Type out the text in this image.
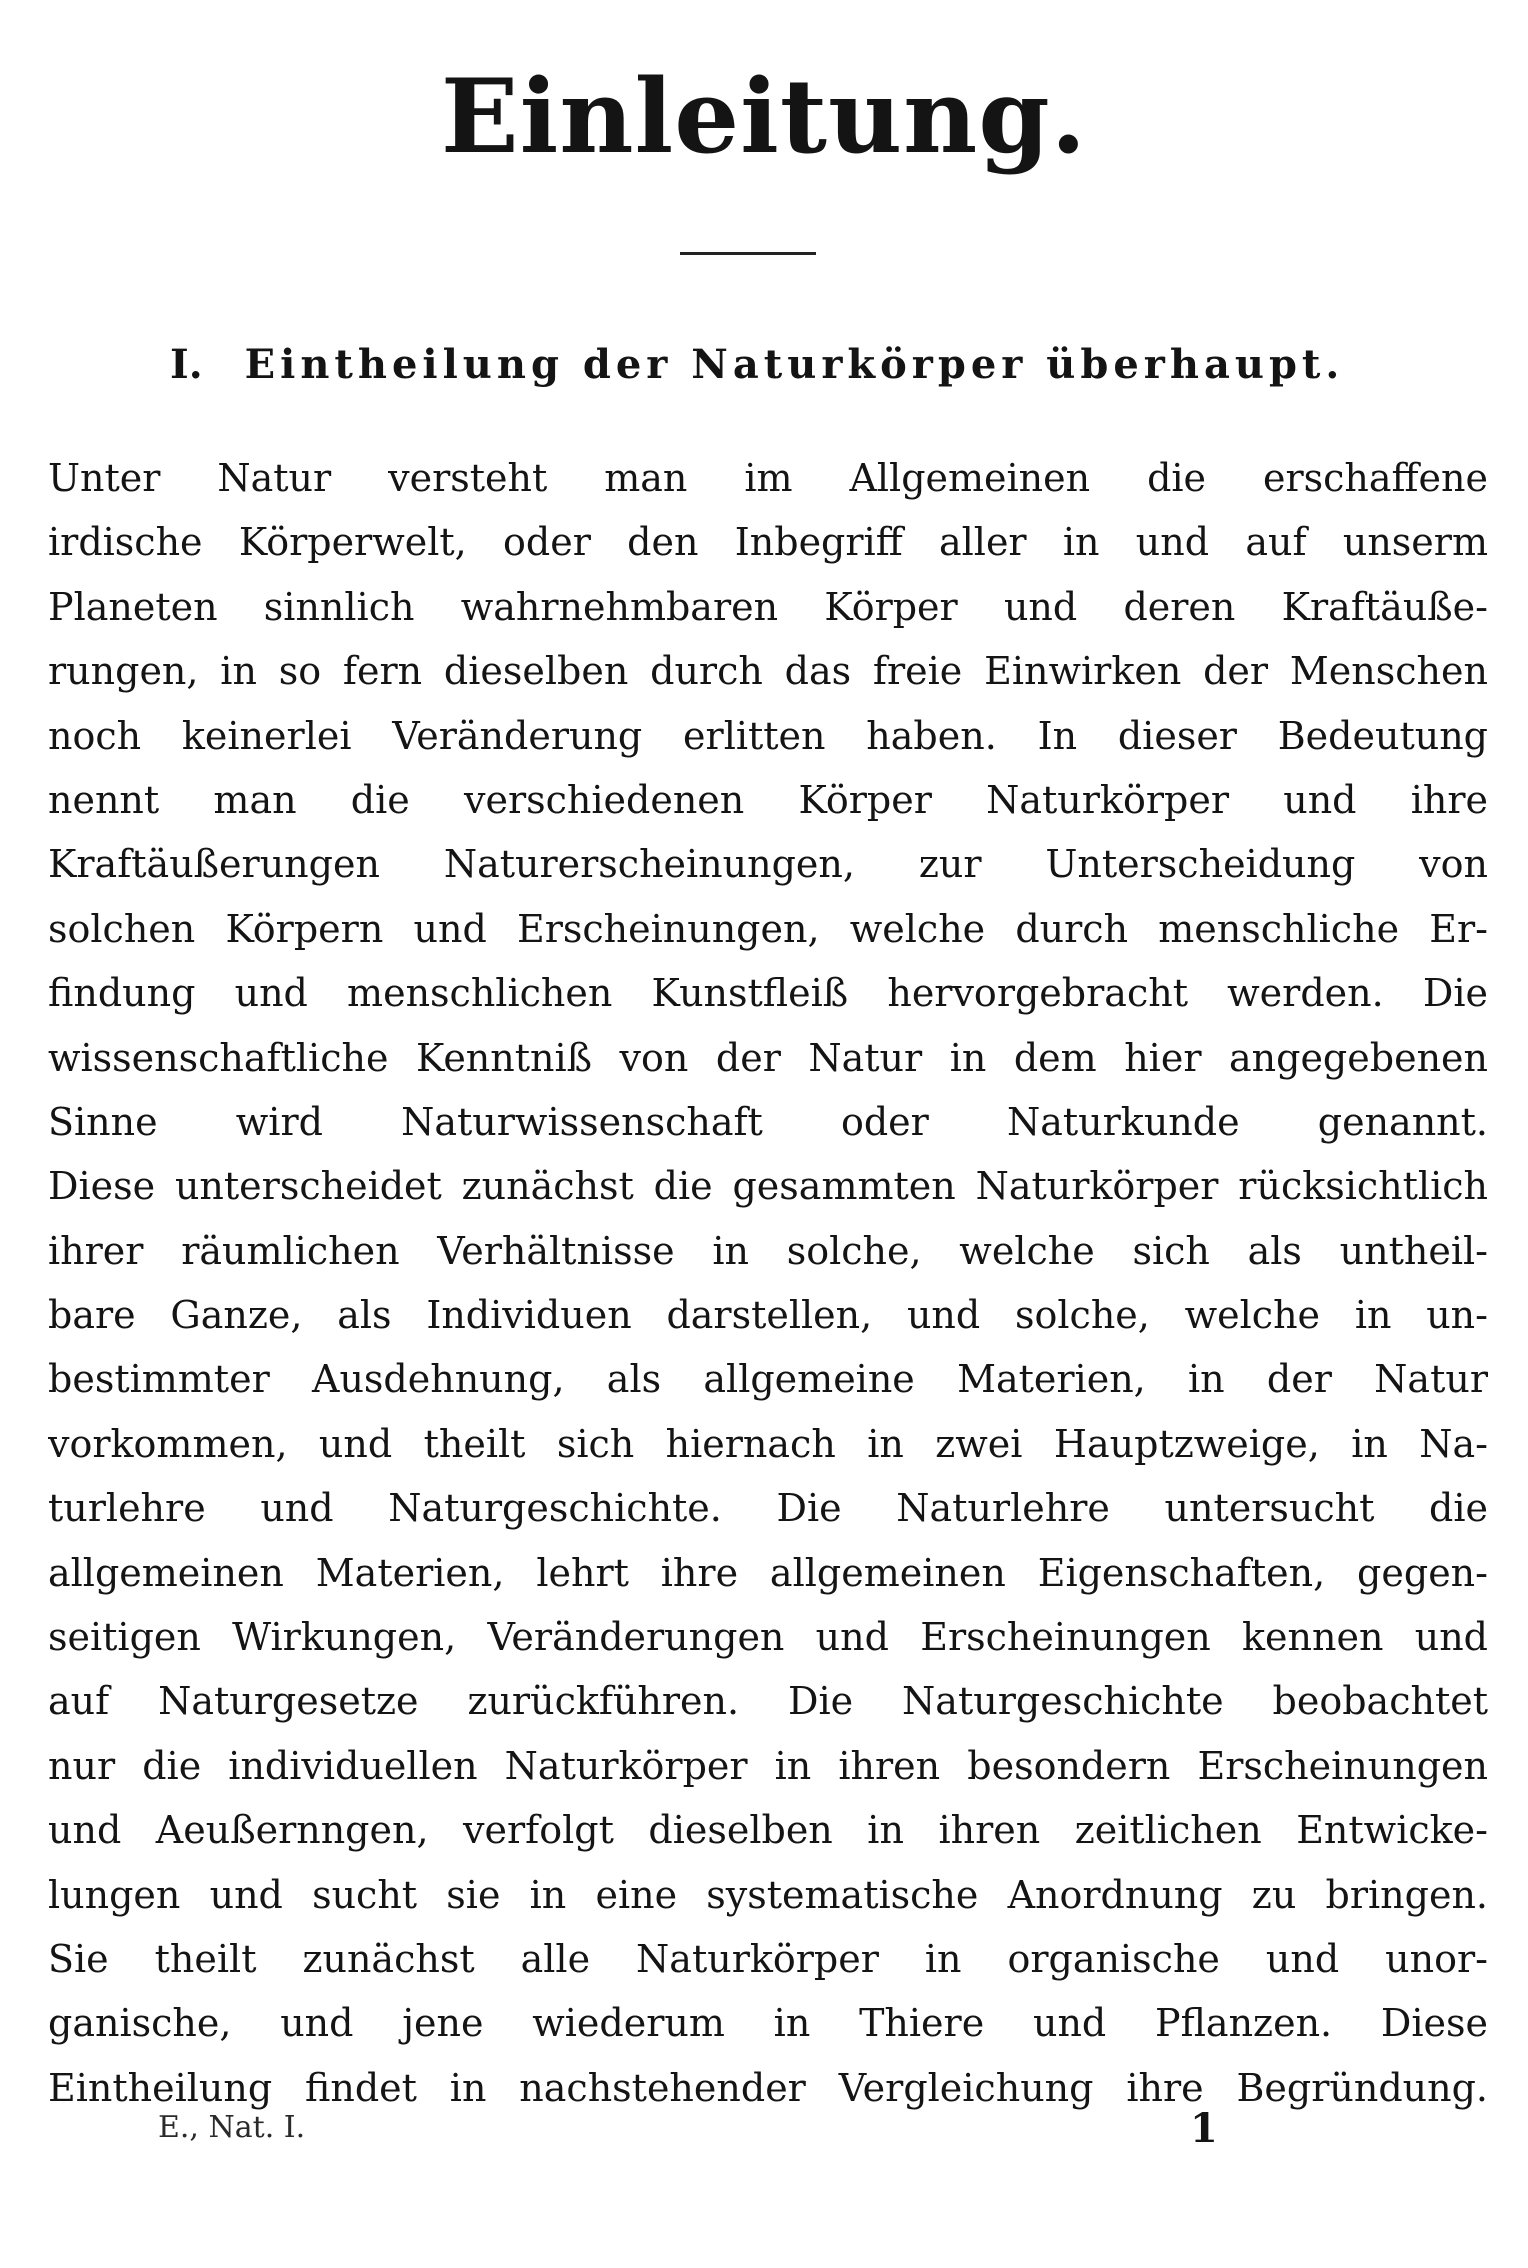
Einleitung.
I. Eintheilung der Naturkörper überhaupt.
Unter Natur versteht man im Allgemeinen die erschaffene
irdische Körperwelt, oder den Inbegriff aller in und auf unserm
Planeten sinnlich wahrnehmbaren Körper und deren Kraftäuße-
rungen, in so fern dieselben durch das freie Einwirken der Menschen
noch keinerlei Veränderung erlitten haben. In dieser Bedeutung
nennt man die verschiedenen Körper Naturkörper und ihre
Kraftäußerungen Naturerscheinungen, zur Unterscheidung von
solchen Körpern und Erscheinungen, welche durch menschliche Er-
findung und menschlichen Kunstfleiß hervorgebracht werden. Die
wissenschaftliche Kenntniß von der Natur in dem hier angegebenen
Sinne wird Naturwissenschaft oder Naturkunde genannt.
Diese unterscheidet zunächst die gesammten Naturkörper rücksichtlich
ihrer räumlichen Verhältnisse in solche, welche sich als untheil-
bare Ganze, als Individuen darstellen, und solche, welche in un-
bestimmter Ausdehnung, als allgemeine Materien, in der Natur
vorkommen, und theilt sich hiernach in zwei Hauptzweige, in Na-
turlehre und Naturgeschichte. Die Naturlehre untersucht die
allgemeinen Materien, lehrt ihre allgemeinen Eigenschaften, gegen-
seitigen Wirkungen, Veränderungen und Erscheinungen kennen und
auf Naturgesetze zurückführen. Die Naturgeschichte beobachtet
nur die individuellen Naturkörper in ihren besondern Erscheinungen
und Aeußernngen, verfolgt dieselben in ihren zeitlichen Entwicke-
lungen und sucht sie in eine systematische Anordnung zu bringen.
Sie theilt zunächst alle Naturkörper in organische und unor-
ganische, und jene wiederum in Thiere und Pflanzen. Diese
Eintheilung findet in nachstehender Vergleichung ihre Begründung.
E., Nat. I.	1
